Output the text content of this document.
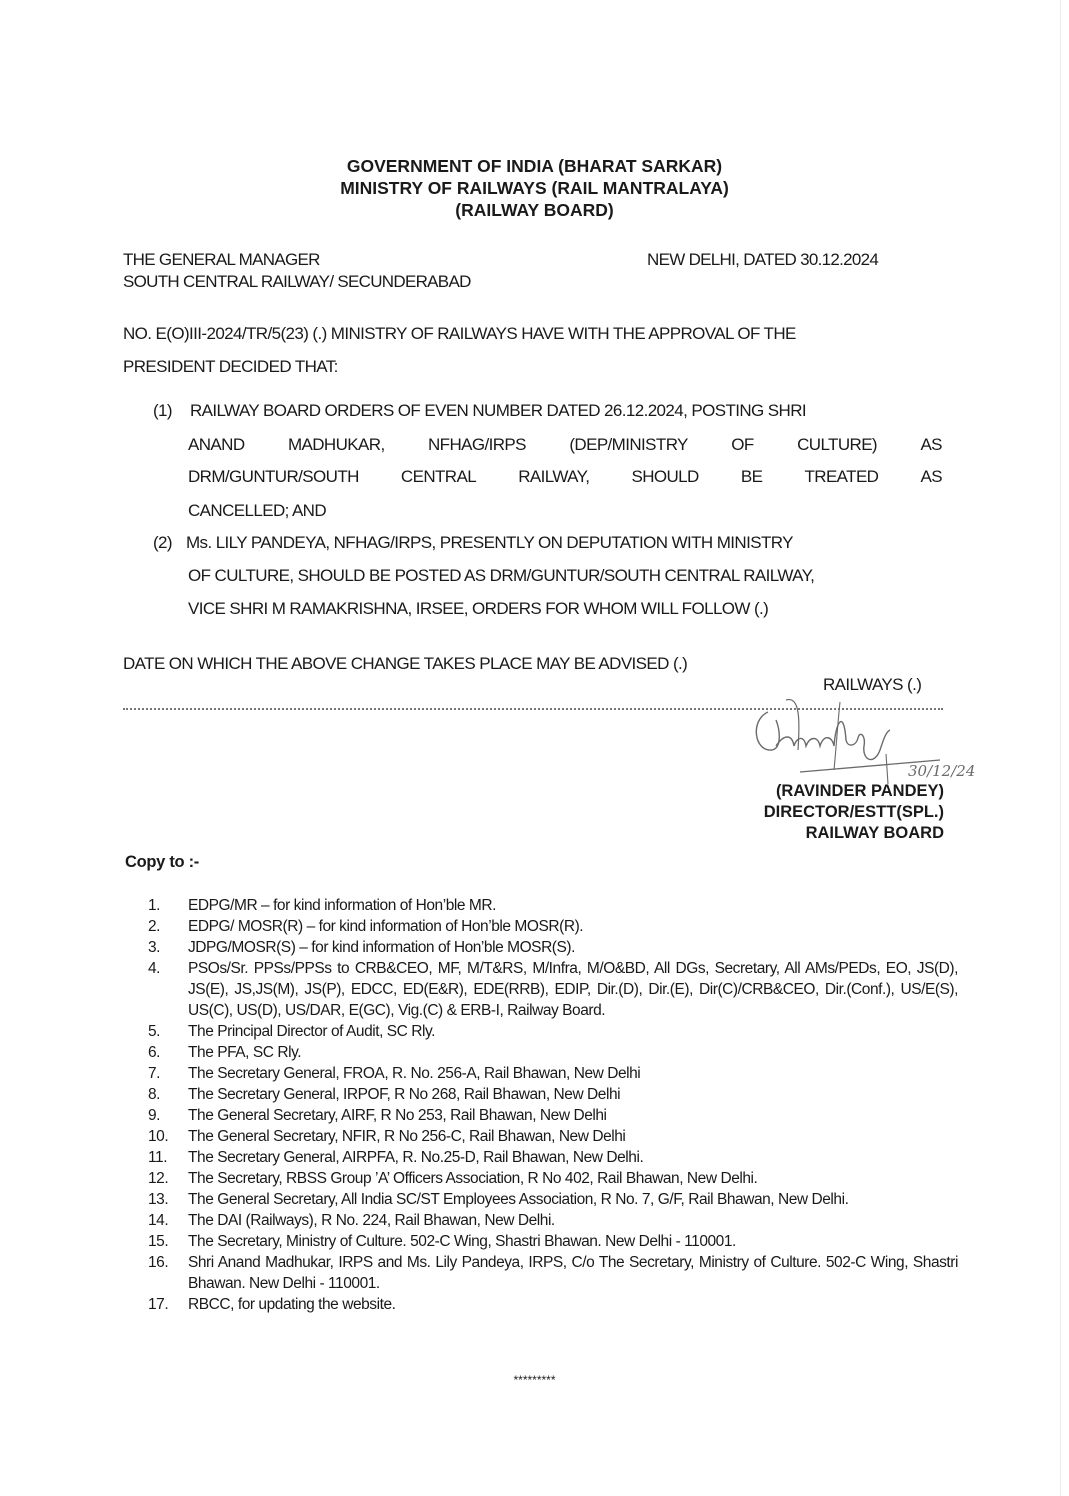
GOVERNMENT OF INDIA (BHARAT SARKAR)
MINISTRY OF RAILWAYS (RAIL MANTRALAYA)
(RAILWAY BOARD)
THE GENERAL MANAGER
SOUTH CENTRAL RAILWAY/ SECUNDERABAD
NEW DELHI, DATED 30.12.2024
NO. E(O)III-2024/TR/5(23) (.) MINISTRY OF RAILWAYS HAVE WITH THE APPROVAL OF THE
PRESIDENT DECIDED THAT:
(1) RAILWAY BOARD ORDERS OF EVEN NUMBER DATED 26.12.2024, POSTING SHRI
ANAND	MADHUKAR,	NFHAG/IRPS	(DEP/MINISTRY	OF	CULTURE)	AS
DRM/GUNTUR/SOUTH CENTRAL RAILWAY, SHOULD BE TREATED AS
CANCELLED; AND
(2) Ms. LILY PANDEYA, NFHAG/IRPS, PRESENTLY ON DEPUTATION WITH MINISTRY
OF CULTURE, SHOULD BE POSTED AS DRM/GUNTUR/SOUTH CENTRAL RAILWAY,
VICE SHRI M RAMAKRISHNA, IRSEE, ORDERS FOR WHOM WILL FOLLOW (.)
DATE ON WHICH THE ABOVE CHANGE TAKES PLACE MAY BE ADVISED (.)
RAILWAYS (.)
30/12/24
(RAVINDER PANDEY)
DIRECTOR/ESTT(SPL.)
RAILWAY BOARD
Copy to :-
1.	EDPG/MR – for kind information of Hon’ble MR.
2.	EDPG/ MOSR(R) – for kind information of Hon’ble MOSR(R).
3.	JDPG/MOSR(S) – for kind information of Hon’ble MOSR(S).
4.	PSOs/Sr. PPSs/PPSs to CRB&CEO, MF, M/T&RS, M/Infra, M/O&BD, All DGs, Secretary, All AMs/PEDs, EO, JS(D), JS(E), JS,JS(M), JS(P), EDCC, ED(E&R), EDE(RRB), EDIP, Dir.(D), Dir.(E), Dir(C)/CRB&CEO, Dir.(Conf.), US/E(S), US(C), US(D), US/DAR, E(GC), Vig.(C) & ERB-I, Railway Board.
5.	The Principal Director of Audit, SC Rly.
6.	The PFA, SC Rly.
7.	The Secretary General, FROA, R. No. 256-A, Rail Bhawan, New Delhi
8.	The Secretary General, IRPOF, R No 268, Rail Bhawan, New Delhi
9.	The General Secretary, AIRF, R No 253, Rail Bhawan, New Delhi
10.	The General Secretary, NFIR, R No 256-C, Rail Bhawan, New Delhi
11.	The Secretary General, AIRPFA, R. No.25-D, Rail Bhawan, New Delhi.
12.	The Secretary, RBSS Group ’A’ Officers Association, R No 402, Rail Bhawan, New Delhi.
13.	The General Secretary, All India SC/ST Employees Association, R No. 7, G/F, Rail Bhawan, New Delhi.
14.	The DAI (Railways), R No. 224, Rail Bhawan, New Delhi.
15.	The Secretary, Ministry of Culture. 502-C Wing, Shastri Bhawan. New Delhi - 110001.
16.	Shri Anand Madhukar, IRPS and Ms. Lily Pandeya, IRPS, C/o The Secretary, Ministry of Culture. 502-C Wing, Shastri Bhawan. New Delhi - 110001.
17.	RBCC, for updating the website.
*********
